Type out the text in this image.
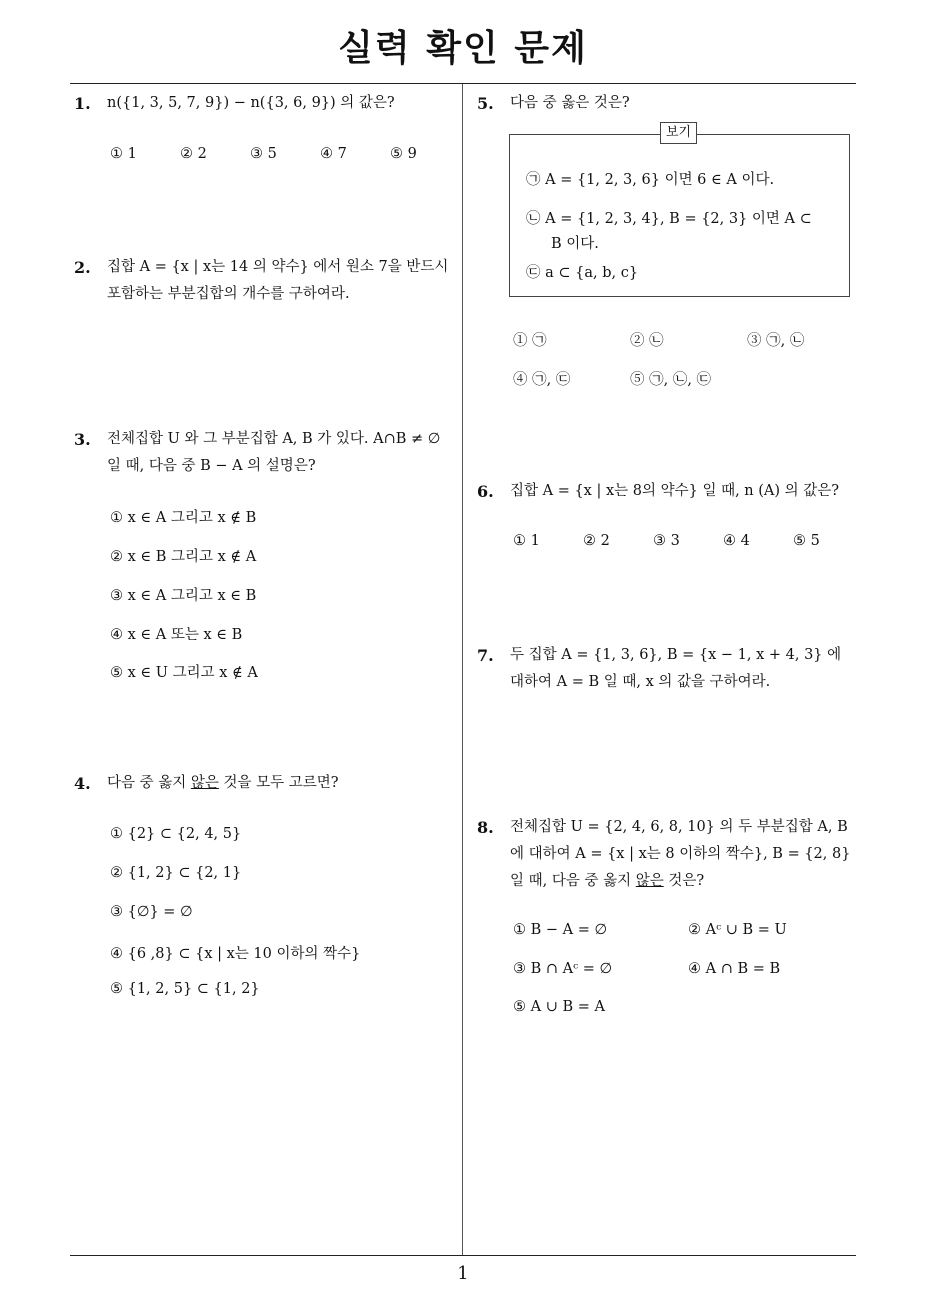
실력 확인 문제
1
1. n({1, 3, 5, 7, 9}) − n({3, 6, 9}) 의 값은?
① 1	② 2	③ 5	④ 7	⑤ 9
2. 집합 A = {x | x는 14 의 약수} 에서 원소 7을 반드시
포함하는 부분집합의 개수를 구하여라.
3. 전체집합 U 와 그 부분집합 A, B 가 있다. A∩B ≠ ∅
일 때, 다음 중 B − A 의 설명은?
① x ∈ A 그리고 x ∉ B
② x ∈ B 그리고 x ∉ A
③ x ∈ A 그리고 x ∈ B
④ x ∈ A 또는 x ∈ B
⑤ x ∈ U 그리고 x ∉ A
4. 다음 중 옳지 않은 것을 모두 고르면?
① {2} ⊂ {2, 4, 5}
② {1, 2} ⊂ {2, 1}
③ {∅} = ∅
④ {6 ,8} ⊂ {x | x는 10 이하의 짝수}
⑤ {1, 2, 5} ⊂ {1, 2}
5. 다음 중 옳은 것은?
보기
㉠ A = {1, 2, 3, 6} 이면 6 ∈ A 이다.
㉡ A = {1, 2, 3, 4}, B = {2, 3} 이면 A ⊂
B 이다.
㉢ a ⊂ {a, b, c}
① ㉠	② ㉡	③ ㉠, ㉡
④ ㉠, ㉢	⑤ ㉠, ㉡, ㉢
6. 집합 A = {x | x는 8의 약수} 일 때, n (A) 의 값은?
① 1	② 2	③ 3	④ 4	⑤ 5
7. 두 집합 A = {1, 3, 6}, B = {x − 1, x + 4, 3} 에
대하여 A = B 일 때, x 의 값을 구하여라.
8. 전체집합 U = {2, 4, 6, 8, 10} 의 두 부분집합 A, B
에 대하여 A = {x | x는 8 이하의 짝수}, B = {2, 8}
일 때, 다음 중 옳지 않은 것은?
① B − A = ∅	② Aᶜ ∪ B = U
③ B ∩ Aᶜ = ∅	④ A ∩ B = B
⑤ A ∪ B = A
